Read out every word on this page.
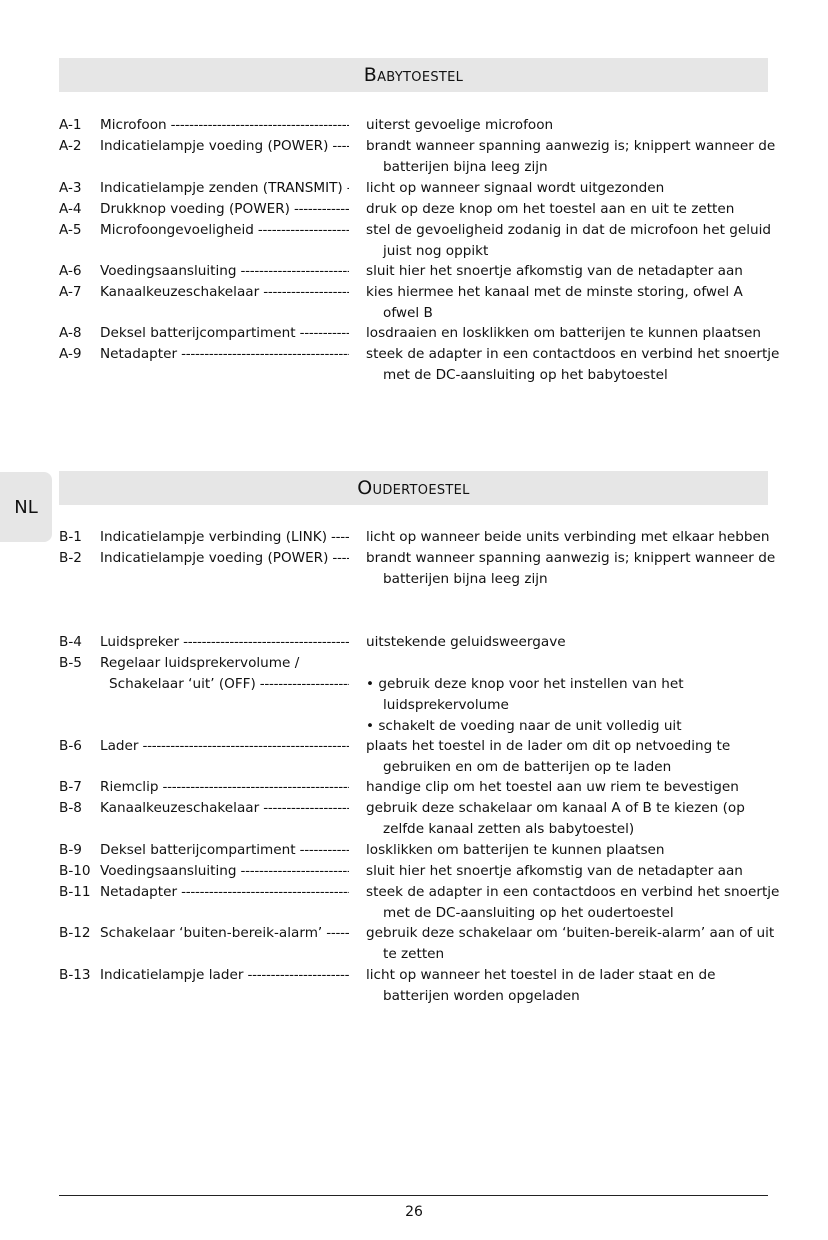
Babytoestel
A-1 Microfoon - - -	uiterst gevoelige microfoon
A-2 Indicatielampje voeding (POWER) - - -	brandt wanneer spanning aanwezig is; knippert wanneer de
batterijen bijna leeg zijn
A-3 Indicatielampje zenden (TRANSMIT) - - - licht op wanneer signaal wordt uitgezonden
A-4 Drukknop voeding (POWER) - - -	druk op deze knop om het toestel aan en uit te zetten
A-5 Microfoongevoeligheid - - -	stel de gevoeligheid zodanig in dat de microfoon het geluid
juist nog oppikt
A-6 Voedingsaansluiting - - -	sluit hier het snoertje afkomstig van de netadapter aan
A-7 Kanaalkeuzeschakelaar - - -	kies hiermee het kanaal met de minste storing, ofwel A
ofwel B
A-8 Deksel batterijcompartiment - - -	losdraaien en losklikken om batterijen te kunnen plaatsen
A-9 Netadapter - - -	steek de adapter in een contactdoos en verbind het snoertje
met de DC-aansluiting op het babytoestel
NL
Oudertoestel
B-1 Indicatielampje verbinding (LINK) - - -	licht op wanneer beide units verbinding met elkaar hebben
B-2 Indicatielampje voeding (POWER) - - -	brandt wanneer spanning aanwezig is; knippert wanneer de
batterijen bijna leeg zijn
B-4 Luidspreker - - -	uitstekende geluidsweergave
B-5 Regelaar luidsprekervolume /
Schakelaar ‘uit’ (OFF) - - -	• gebruik deze knop voor het instellen van het
luidsprekervolume
• schakelt de voeding naar de unit volledig uit
B-6 Lader - - -	plaats het toestel in de lader om dit op netvoeding te
gebruiken en om de batterijen op te laden
B-7 Riemclip - - -	handige clip om het toestel aan uw riem te bevestigen
B-8 Kanaalkeuzeschakelaar - - -	gebruik deze schakelaar om kanaal A of B te kiezen (op
zelfde kanaal zetten als babytoestel)
B-9 Deksel batterijcompartiment - - -	losklikken om batterijen te kunnen plaatsen
B-10 Voedingsaansluiting - - -	sluit hier het snoertje afkomstig van de netadapter aan
B-11 Netadapter - - -	steek de adapter in een contactdoos en verbind het snoertje
met de DC-aansluiting op het oudertoestel
B-12 Schakelaar ‘buiten-bereik-alarm’ - - -	gebruik deze schakelaar om ‘buiten-bereik-alarm’ aan of uit
te zetten
B-13 Indicatielampje lader - - -	licht op wanneer het toestel in de lader staat en de
batterijen worden opgeladen
26
